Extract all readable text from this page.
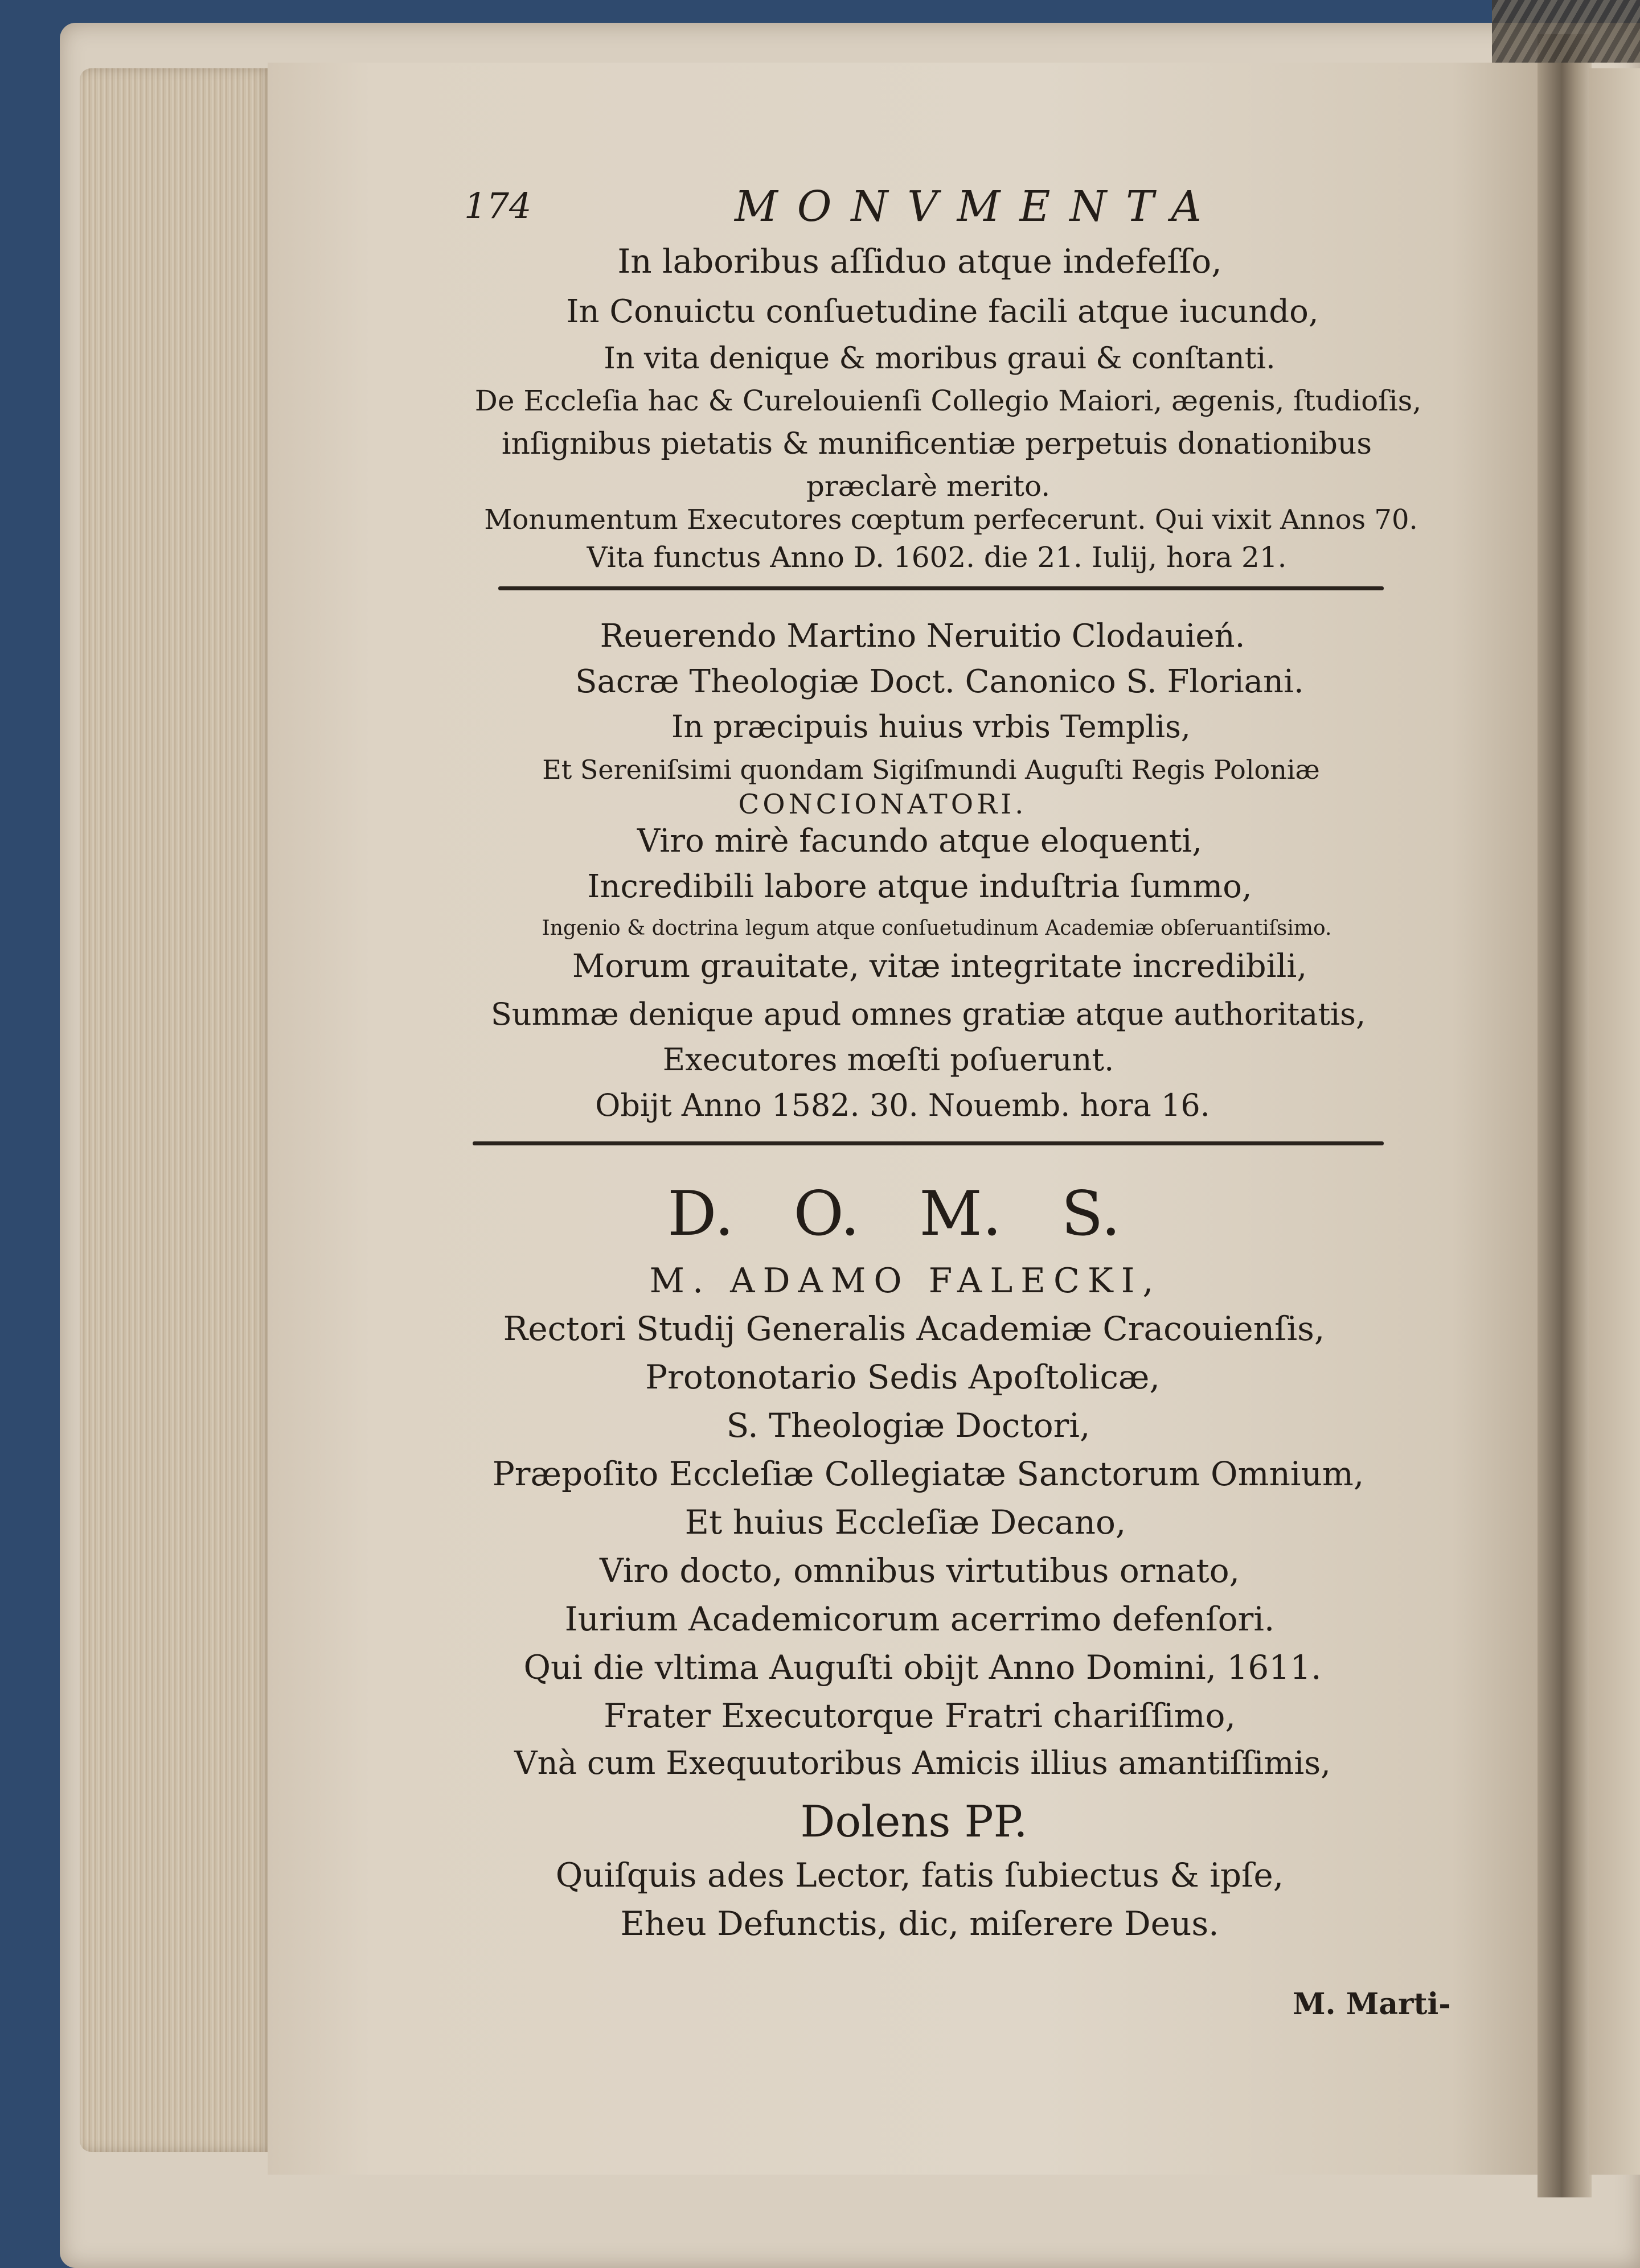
174	MONVMENTA
In laboribus aſſiduo atque indefeſſo,
In Conuictu conſuetudine facili atque iucundo,
In vita denique & moribus graui & conſtanti.
De Eccleſia hac & Curelouienſi Collegio Maiori, ægenis, ſtudioſis,
inſignibus pietatis & munificentiæ perpetuis donationibus
præclarè merito.
Monumentum Executores cœptum perfecerunt. Qui vixit Annos 70.
Vita functus Anno D. 1602. die 21. Iulij, hora 21.
Reuerendo Martino Neruitio Clodauień.
Sacræ Theologiæ Doct. Canonico S. Floriani.
In præcipuis huius vrbis Templis,
Et Sereniſsimi quondam Sigiſmundi Auguſti Regis Poloniæ
CONCIONATORI.
Viro mirè facundo atque eloquenti,
Incredibili labore atque induſtria ſummo,
Ingenio & doctrina legum atque conſuetudinum Academiæ obſeruantiſsimo.
Morum grauitate, vitæ integritate incredibili,
Summæ denique apud omnes gratiæ atque authoritatis,
Executores mœſti poſuerunt.
Obijt Anno 1582. 30. Nouemb. hora 16.
D. O. M. S.
M. ADAMO FALECKI,
Rectori Studij Generalis Academiæ Cracouienſis,
Protonotario Sedis Apoſtolicæ,
S. Theologiæ Doctori,
Præpoſito Eccleſiæ Collegiatæ Sanctorum Omnium,
Et huius Eccleſiæ Decano,
Viro docto, omnibus virtutibus ornato,
Iurium Academicorum acerrimo defenſori.
Qui die vltima Auguſti obijt Anno Domini, 1611.
Frater Executorque Fratri chariſſimo,
Vnà cum Exequutoribus Amicis illius amantiſſimis,
Dolens PP.
Quiſquis ades Lector, fatis ſubiectus & ipſe,
Eheu Defunctis, dic, miſerere Deus.
M. Marti-
